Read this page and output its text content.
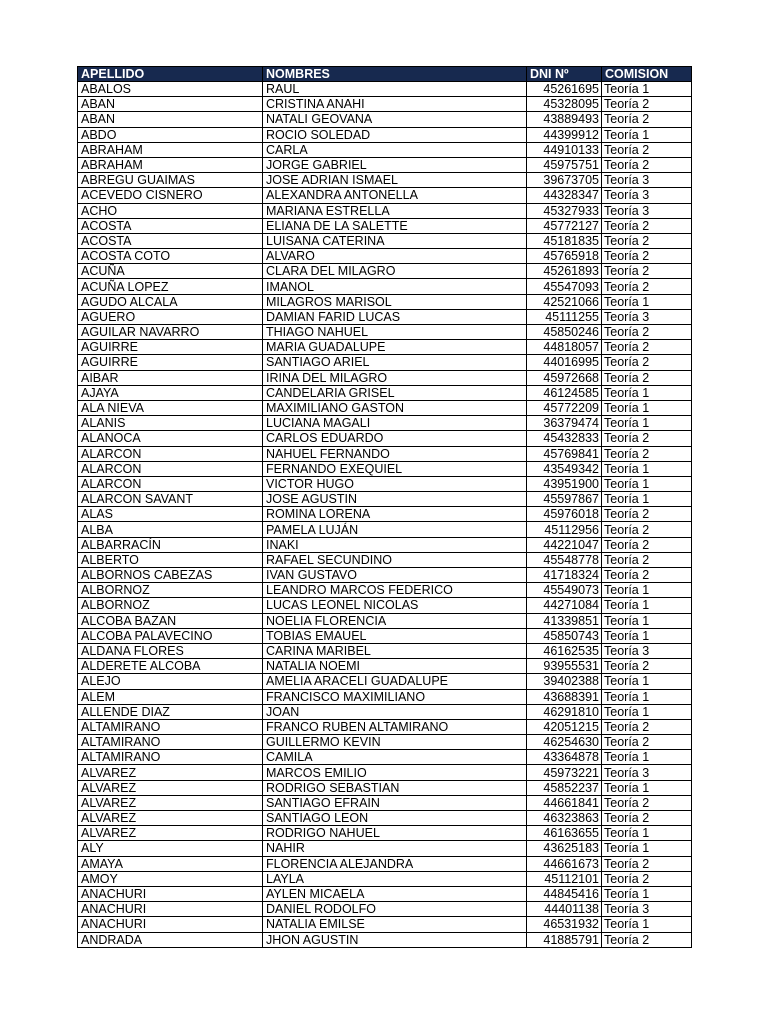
APELLIDO	NOMBRES	DNI Nº	COMISION
ABALOS	RAUL	45261695	Teoría 1
ABAN	CRISTINA ANAHI	45328095	Teoría 2
ABAN	NATALI GEOVANA	43889493	Teoría 2
ABDO	ROCIO SOLEDAD	44399912	Teoría 1
ABRAHAM	CARLA	44910133	Teoría 2
ABRAHAM	JORGE GABRIEL	45975751	Teoría 2
ABREGU GUAIMAS	JOSE ADRIAN ISMAEL	39673705	Teoría 3
ACEVEDO CISNERO	ALEXANDRA ANTONELLA	44328347	Teoría 3
ACHO	MARIANA ESTRELLA	45327933	Teoría 3
ACOSTA	ELIANA DE LA SALETTE	45772127	Teoría 2
ACOSTA	LUISANA CATERINA	45181835	Teoría 2
ACOSTA COTO	ALVARO	45765918	Teoría 2
ACUÑA	CLARA DEL MILAGRO	45261893	Teoría 2
ACUÑA LOPEZ	IMANOL	45547093	Teoría 2
AGUDO ALCALA	MILAGROS MARISOL	42521066	Teoría 1
AGUERO	DAMIAN FARID LUCAS	45111255	Teoría 3
AGUILAR NAVARRO	THIAGO NAHUEL	45850246	Teoría 2
AGUIRRE	MARIA GUADALUPE	44818057	Teoría 2
AGUIRRE	SANTIAGO ARIEL	44016995	Teoría 2
AIBAR	IRINA DEL MILAGRO	45972668	Teoría 2
AJAYA	CANDELARIA GRISEL	46124585	Teoría 1
ALA NIEVA	MAXIMILIANO GASTON	45772209	Teoría 1
ALANIS	LUCIANA MAGALI	36379474	Teoría 1
ALANOCA	CARLOS EDUARDO	45432833	Teoría 2
ALARCON	NAHUEL FERNANDO	45769841	Teoría 2
ALARCON	FERNANDO EXEQUIEL	43549342	Teoría 1
ALARCON	VICTOR HUGO	43951900	Teoría 1
ALARCON SAVANT	JOSE AGUSTIN	45597867	Teoría 1
ALAS	ROMINA LORENA	45976018	Teoría 2
ALBA	PAMELA LUJÁN	45112956	Teoría 2
ALBARRACÍN	INAKI	44221047	Teoría 2
ALBERTO	RAFAEL SECUNDINO	45548778	Teoría 2
ALBORNOS CABEZAS	IVAN GUSTAVO	41718324	Teoría 2
ALBORNOZ	LEANDRO MARCOS FEDERICO	45549073	Teoría 1
ALBORNOZ	LUCAS LEONEL NICOLAS	44271084	Teoría 1
ALCOBA BAZAN	NOELIA FLORENCIA	41339851	Teoría 1
ALCOBA PALAVECINO	TOBIAS EMAUEL	45850743	Teoría 1
ALDANA FLORES	CARINA MARIBEL	46162535	Teoría 3
ALDERETE ALCOBA	NATALIA NOEMI	93955531	Teoría 2
ALEJO	AMELIA ARACELI GUADALUPE	39402388	Teoría 1
ALEM	FRANCISCO MAXIMILIANO	43688391	Teoría 1
ALLENDE DIAZ	JOAN	46291810	Teoría 1
ALTAMIRANO	FRANCO RUBEN ALTAMIRANO	42051215	Teoría 2
ALTAMIRANO	GUILLERMO KEVIN	46254630	Teoría 2
ALTAMIRANO	CAMILA	43364878	Teoría 1
ALVAREZ	MARCOS EMILIO	45973221	Teoría 3
ALVAREZ	RODRIGO SEBASTIAN	45852237	Teoría 1
ALVAREZ	SANTIAGO EFRAIN	44661841	Teoría 2
ALVAREZ	SANTIAGO LEON	46323863	Teoría 2
ALVAREZ	RODRIGO NAHUEL	46163655	Teoría 1
ALY	NAHIR	43625183	Teoría 1
AMAYA	FLORENCIA ALEJANDRA	44661673	Teoría 2
AMOY	LAYLA	45112101	Teoría 2
ANACHURI	AYLEN MICAELA	44845416	Teoría 1
ANACHURI	DANIEL RODOLFO	44401138	Teoría 3
ANACHURI	NATALIA EMILSE	46531932	Teoría 1
ANDRADA	JHON AGUSTIN	41885791	Teoría 2
